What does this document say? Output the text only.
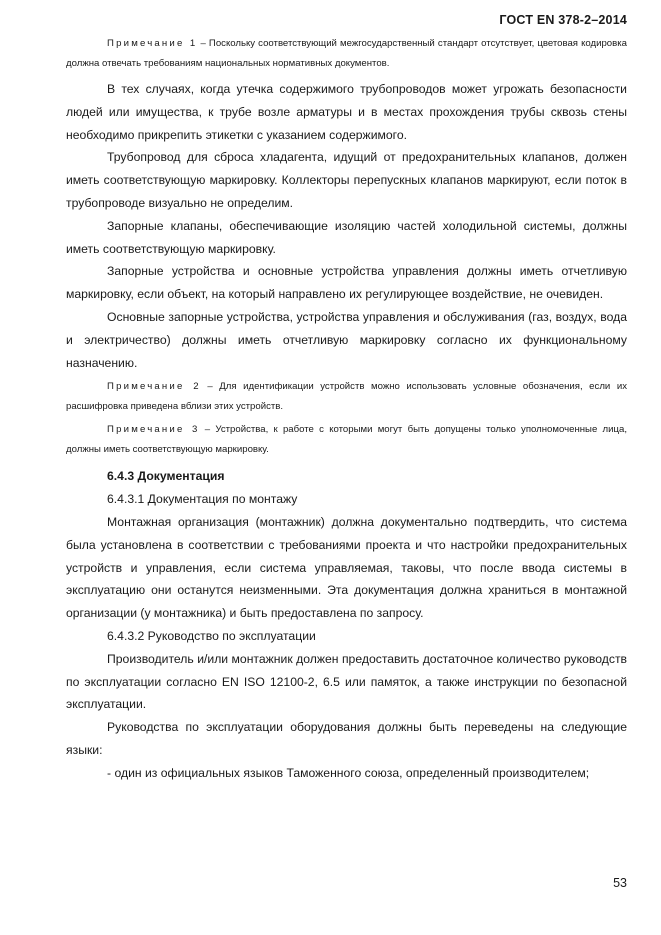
ГОСТ EN 378-2–2014

Примечание 1 – Поскольку соответствующий межгосударственный стандарт отсутствует, цветовая кодировка должна отвечать требованиям национальных нормативных документов.

В тех случаях, когда утечка содержимого трубопроводов может угрожать безопасности людей или имущества, к трубе возле арматуры и в местах прохождения трубы сквозь стены необходимо прикрепить этикетки с указанием содержимого.

Трубопровод для сброса хладагента, идущий от предохранительных клапанов, должен иметь соответствующую маркировку. Коллекторы перепускных клапанов маркируют, если поток в трубопроводе визуально не определим.

Запорные клапаны, обеспечивающие изоляцию частей холодильной системы, должны иметь соответствующую маркировку.

Запорные устройства и основные устройства управления должны иметь отчетливую маркировку, если объект, на который направлено их регулирующее воздействие, не очевиден.

Основные запорные устройства, устройства управления и обслуживания (газ, воздух, вода и электричество) должны иметь отчетливую маркировку согласно их функциональному назначению.

Примечание 2 – Для идентификации устройств можно использовать условные обозначения, если их расшифровка приведена вблизи этих устройств.

Примечание 3 – Устройства, к работе с которыми могут быть допущены только уполномоченные лица, должны иметь соответствующую маркировку.

6.4.3 Документация

6.4.3.1 Документация по монтажу

Монтажная организация (монтажник) должна документально подтвердить, что система была установлена в соответствии с требованиями проекта и что настройки предохранительных устройств и управления, если система управляемая, таковы, что после ввода системы в эксплуатацию они останутся неизменными. Эта документация должна храниться в монтажной организации (у монтажника) и быть предоставлена по запросу.

6.4.3.2 Руководство по эксплуатации

Производитель и/или монтажник должен предоставить достаточное количество руководств по эксплуатации согласно EN ISO 12100-2, 6.5 или памяток, а также инструкции по безопасной эксплуатации.

Руководства по эксплуатации оборудования должны быть переведены на следующие языки:

- один из официальных языков Таможенного союза, определенный производителем;

53
